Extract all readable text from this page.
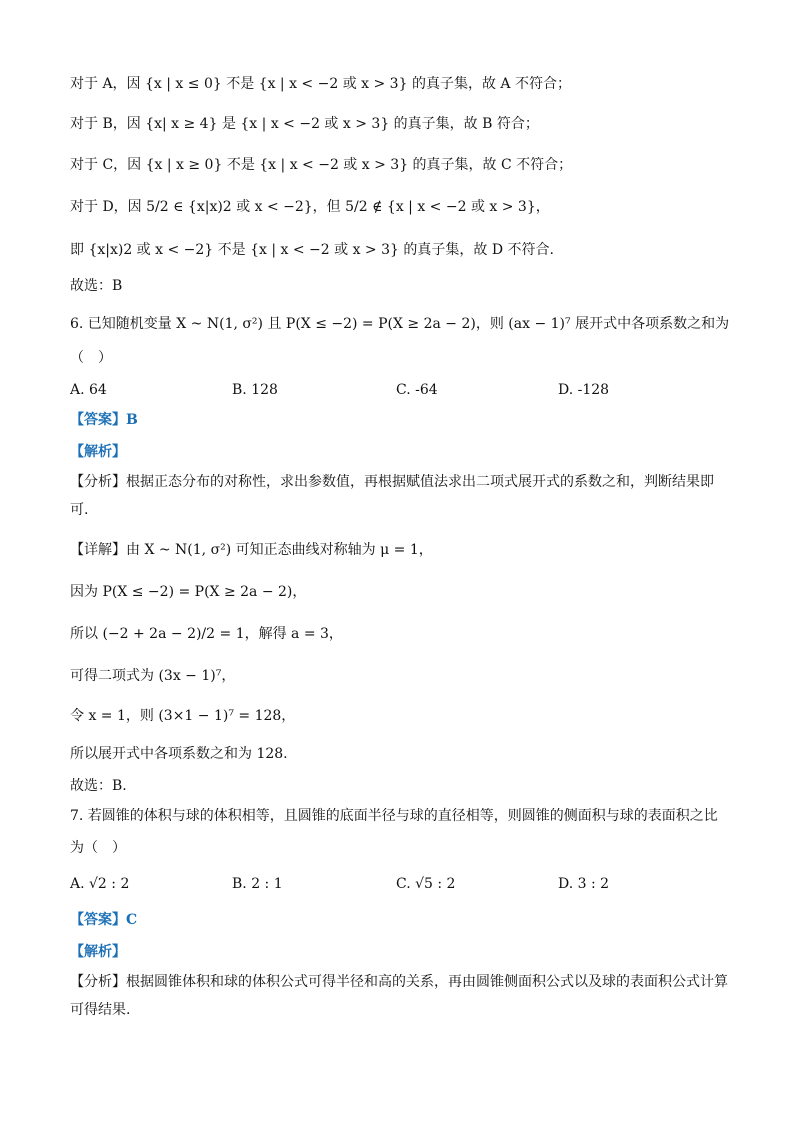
对于 A，因 {x | x ≤ 0} 不是 {x | x < −2 或 x > 3} 的真子集，故 A 不符合；
对于 B，因 {x| x ≥ 4} 是 {x | x < −2 或 x > 3} 的真子集，故 B 符合；
对于 C，因 {x | x ≥ 0} 不是 {x | x < −2 或 x > 3} 的真子集，故 C 不符合；
对于 D，因 5/2 ∈ {x|x)2 或 x < −2}，但 5/2 ∉ {x | x < −2 或 x > 3}，
即 {x|x)2 或 x < −2} 不是 {x | x < −2 或 x > 3} 的真子集，故 D 不符合.
故选：B
6. 已知随机变量 X ~ N(1, σ²) 且 P(X ≤ −2) = P(X ≥ 2a − 2)，则 (ax − 1)⁷ 展开式中各项系数之和为
（　）
A. 64	B. 128	C. -64	D. -128
【答案】B
【解析】
【分析】根据正态分布的对称性，求出参数值，再根据赋值法求出二项式展开式的系数之和，判断结果即可.
【详解】由 X ~ N(1, σ²) 可知正态曲线对称轴为 μ = 1，
因为 P(X ≤ −2) = P(X ≥ 2a − 2)，
所以 (−2 + 2a − 2)/2 = 1，解得 a = 3，
可得二项式为 (3x − 1)⁷，
令 x = 1，则 (3×1 − 1)⁷ = 128，
所以展开式中各项系数之和为 128.
故选：B.
7. 若圆锥的体积与球的体积相等，且圆锥的底面半径与球的直径相等，则圆锥的侧面积与球的表面积之比
为（　）
A. √2 : 2	B. 2 : 1	C. √5 : 2	D. 3 : 2
【答案】C
【解析】
【分析】根据圆锥体积和球的体积公式可得半径和高的关系，再由圆锥侧面积公式以及球的表面积公式计算可得结果.
